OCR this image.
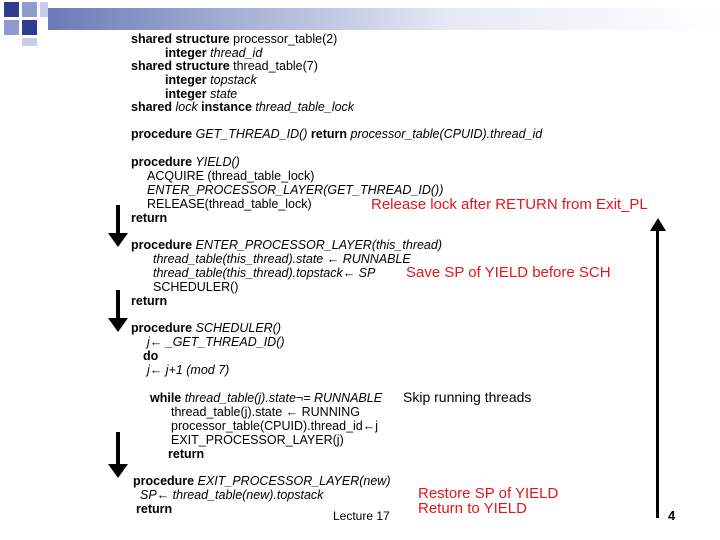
shared structure processor_table(2)
integer thread_id
shared structure thread_table(7)
integer topstack
integer state
shared lock instance thread_table_lock
procedure GET_THREAD_ID() return processor_table(CPUID).thread_id
procedure YIELD()
ACQUIRE (thread_table_lock)
ENTER_PROCESSOR_LAYER(GET_THREAD_ID())
RELEASE(thread_table_lock)
return
procedure ENTER_PROCESSOR_LAYER(this_thread)
thread_table(this_thread).state ← RUNNABLE
thread_table(this_thread).topstack← SP
SCHEDULER()
return
procedure SCHEDULER()
j← _GET_THREAD_ID()
do
j← j+1 (mod 7)
while thread_table(j).state¬= RUNNABLE
thread_table(j).state ← RUNNING
processor_table(CPUID).thread_id←j
EXIT_PROCESSOR_LAYER(j)
return
procedure EXIT_PROCESSOR_LAYER(new)
SP← thread_table(new).topstack
return
Release lock after RETURN from Exit_PL
Save SP of YIELD before SCH
Restore SP of YIELD
Return to YIELD
Skip running threads
Lecture 17	4
